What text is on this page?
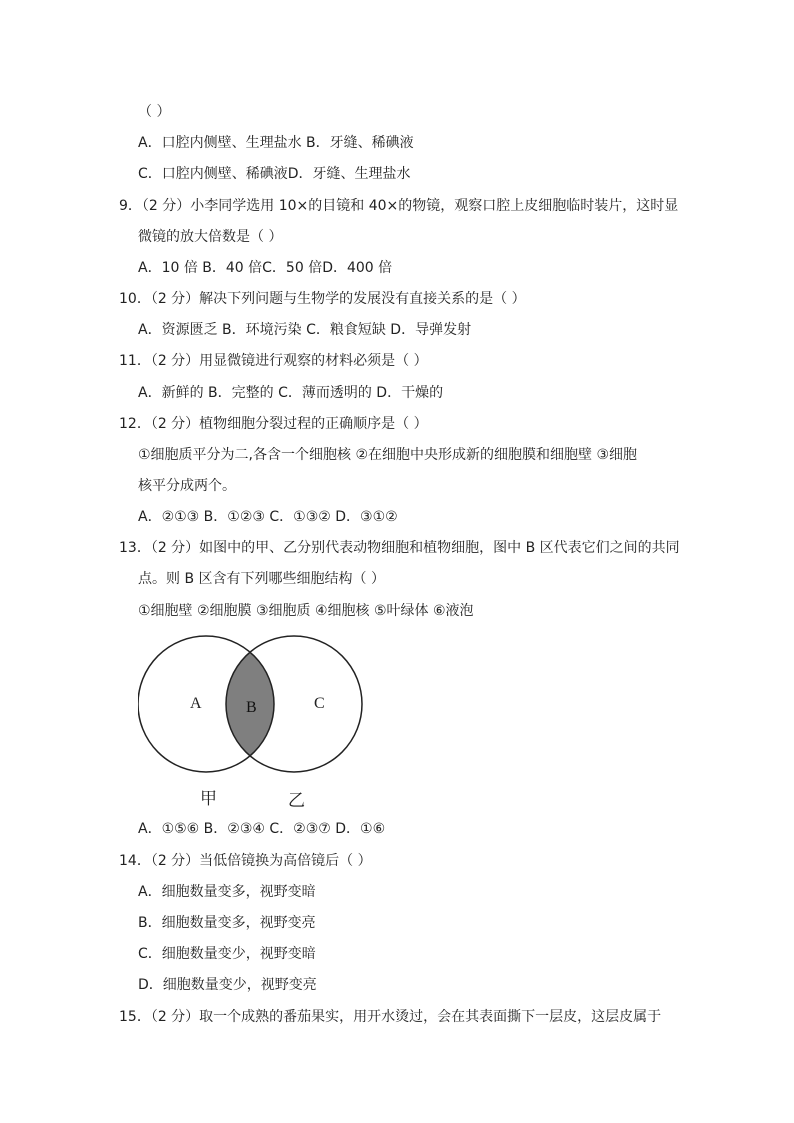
（ ）
A．口腔内侧壁、生理盐水 B．牙缝、稀碘液
C．口腔内侧壁、稀碘液D．牙缝、生理盐水
9．（2 分）小李同学选用 10×的目镜和 40×的物镜，观察口腔上皮细胞临时装片，这时显
微镜的放大倍数是（ ）
A．10 倍 B．40 倍C．50 倍D．400 倍
10．（2 分）解决下列问题与生物学的发展没有直接关系的是（ ）
A．资源匮乏 B．环境污染 C．粮食短缺 D．导弹发射
11．（2 分）用显微镜进行观察的材料必须是（ ）
A．新鲜的 B．完整的 C．薄而透明的 D．干燥的
12．（2 分）植物细胞分裂过程的正确顺序是（ ）
①细胞质平分为二,各含一个细胞核 ②在细胞中央形成新的细胞膜和细胞壁 ③细胞
核平分成两个。
A．②①③ B．①②③ C．①③② D．③①②
13．（2 分）如图中的甲、乙分别代表动物细胞和植物细胞，图中 B 区代表它们之间的共同
点。则 B 区含有下列哪些细胞结构（ ）
①细胞壁 ②细胞膜 ③细胞质 ④细胞核 ⑤叶绿体 ⑥液泡
A	B	C
甲	乙
A．①⑤⑥ B．②③④ C．②③⑦ D．①⑥
14．（2 分）当低倍镜换为高倍镜后（ ）
A．细胞数量变多，视野变暗
B．细胞数量变多，视野变亮
C．细胞数量变少，视野变暗
D．细胞数量变少，视野变亮
15．（2 分）取一个成熟的番茄果实，用开水烫过，会在其表面撕下一层皮，这层皮属于
